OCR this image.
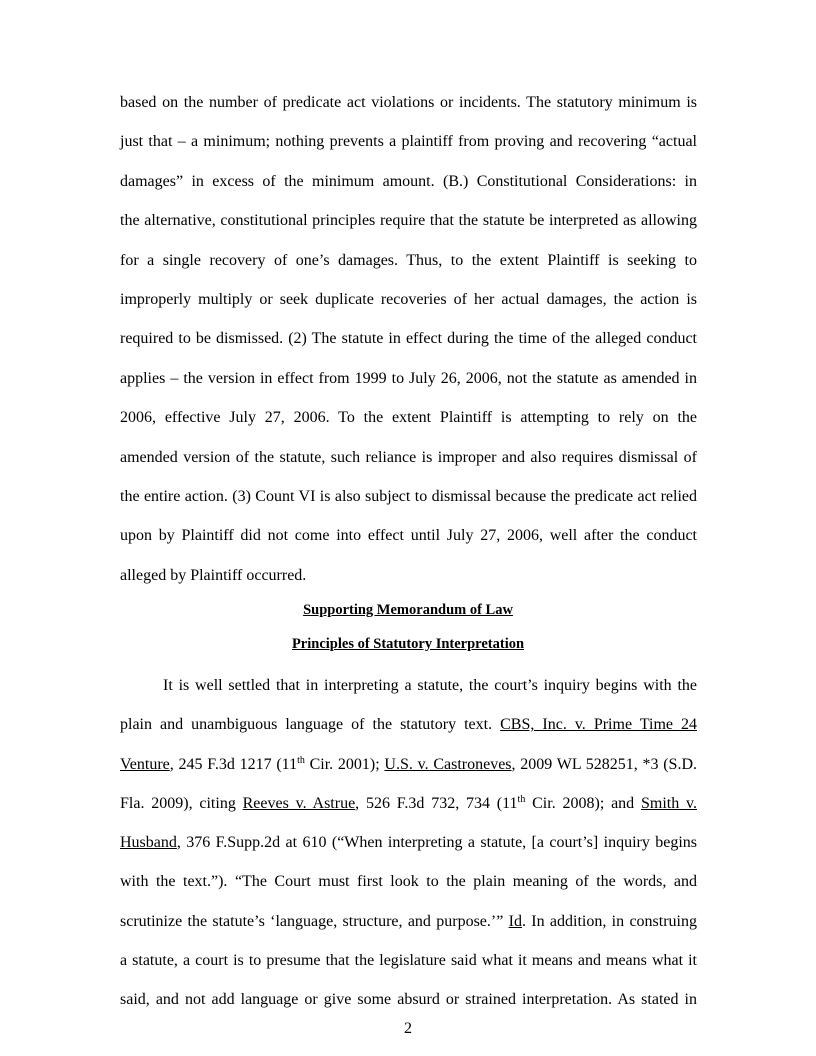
based on the number of predicate act violations or incidents. The statutory minimum is
just that – a minimum; nothing prevents a plaintiff from proving and recovering “actual
damages” in excess of the minimum amount. (B.) Constitutional Considerations: in
the alternative, constitutional principles require that the statute be interpreted as allowing
for a single recovery of one’s damages. Thus, to the extent Plaintiff is seeking to
improperly multiply or seek duplicate recoveries of her actual damages, the action is
required to be dismissed. (2) The statute in effect during the time of the alleged conduct
applies – the version in effect from 1999 to July 26, 2006, not the statute as amended in
2006, effective July 27, 2006. To the extent Plaintiff is attempting to rely on the
amended version of the statute, such reliance is improper and also requires dismissal of
the entire action. (3) Count VI is also subject to dismissal because the predicate act relied
upon by Plaintiff did not come into effect until July 27, 2006, well after the conduct
alleged by Plaintiff occurred.
Supporting Memorandum of Law
Principles of Statutory Interpretation
It is well settled that in interpreting a statute, the court’s inquiry begins with the
plain and unambiguous language of the statutory text. CBS, Inc. v. Prime Time 24
Venture, 245 F.3d 1217 (11th Cir. 2001); U.S. v. Castroneves, 2009 WL 528251, *3 (S.D.
Fla. 2009), citing Reeves v. Astrue, 526 F.3d 732, 734 (11th Cir. 2008); and Smith v.
Husband, 376 F.Supp.2d at 610 (“When interpreting a statute, [a court’s] inquiry begins
with the text.”). “The Court must first look to the plain meaning of the words, and
scrutinize the statute’s ‘language, structure, and purpose.’” Id. In addition, in construing
a statute, a court is to presume that the legislature said what it means and means what it
said, and not add language or give some absurd or strained interpretation. As stated in
2
